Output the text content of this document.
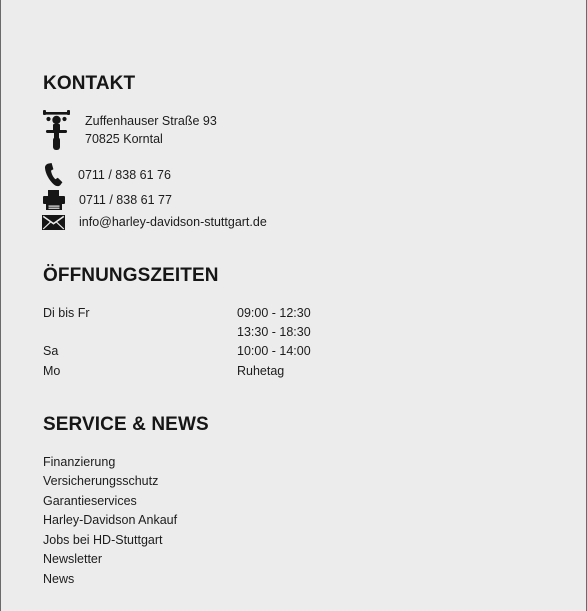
KONTAKT
Zuffenhauser Straße 93
70825 Korntal
0711 / 838 61 76
0711 / 838 61 77
info@harley-davidson-stuttgart.de
ÖFFNUNGSZEITEN
Di bis Fr	09:00 - 12:30
13:30 - 18:30
Sa	10:00 - 14:00
Mo	Ruhetag
SERVICE & NEWS
Finanzierung
Versicherungsschutz
Garantieservices
Harley-Davidson Ankauf
Jobs bei HD-Stuttgart
Newsletter
News
